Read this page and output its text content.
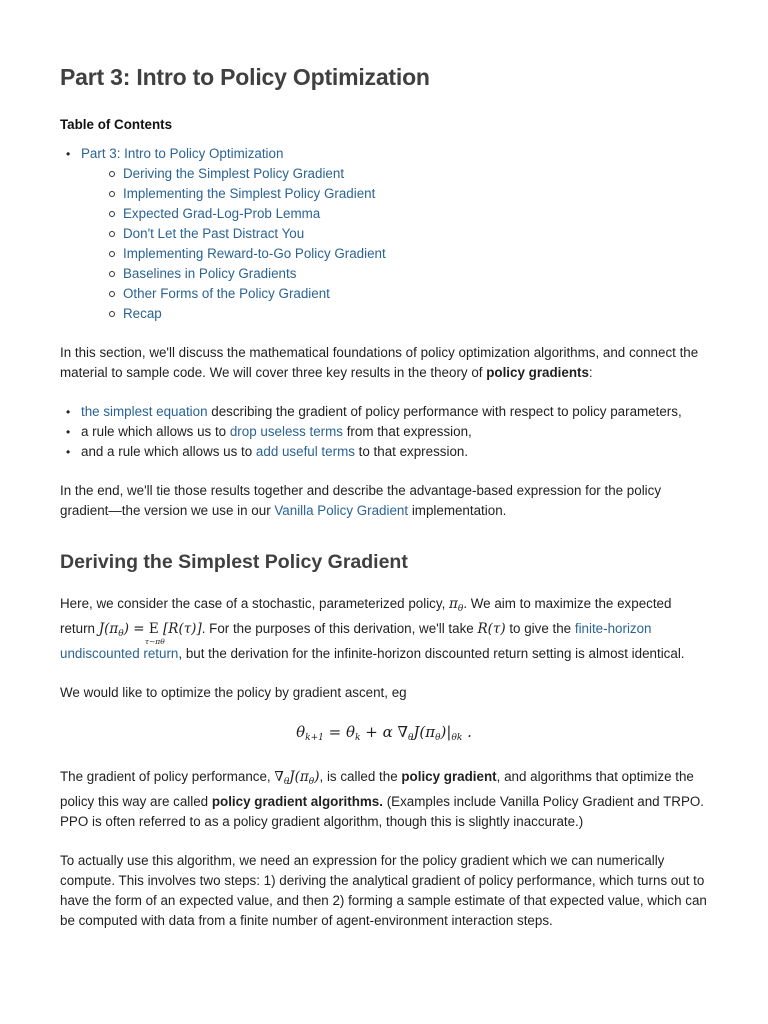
Part 3: Intro to Policy Optimization

Table of Contents

• Part 3: Intro to Policy Optimization
Deriving the Simplest Policy Gradient
Implementing the Simplest Policy Gradient
Expected Grad-Log-Prob Lemma
Don't Let the Past Distract You
Implementing Reward-to-Go Policy Gradient
Baselines in Policy Gradients
Other Forms of the Policy Gradient
Recap

In this section, we'll discuss the mathematical foundations of policy optimization algorithms, and connect the material to sample code. We will cover three key results in the theory of policy gradients:

• the simplest equation describing the gradient of policy performance with respect to policy parameters,
• a rule which allows us to drop useless terms from that expression,
• and a rule which allows us to add useful terms to that expression.

In the end, we'll tie those results together and describe the advantage-based expression for the policy gradient—the version we use in our Vanilla Policy Gradient implementation.

Deriving the Simplest Policy Gradient

Here, we consider the case of a stochastic, parameterized policy, $\pi_\theta$. We aim to maximize the expected return $J(\pi_\theta) = E$
τ∼πθ
[R(τ)]. For the purposes of this derivation, we'll take R(τ) to give the finite-horizon undiscounted return, but the derivation for the infinite-horizon discounted return setting is almost identical.

We would like to optimize the policy by gradient ascent, eg

$\theta_{k+1} = \theta_k + \alpha$ $\nabla_\theta J(\pi_\theta)|_{\theta k}$ .

The gradient of policy performance, $\nabla_\theta J(\pi_\theta)$, is called the policy gradient, and algorithms that optimize the policy this way are called policy gradient algorithms. (Examples include Vanilla Policy Gradient and TRPO. PPO is often referred to as a policy gradient algorithm, though this is slightly inaccurate.)

To actually use this algorithm, we need an expression for the policy gradient which we can numerically compute. This involves two steps: 1) deriving the analytical gradient of policy performance, which turns out to have the form of an expected value, and then 2) forming a sample estimate of that expected value, which can be computed with data from a finite number of agent-environment interaction steps.
